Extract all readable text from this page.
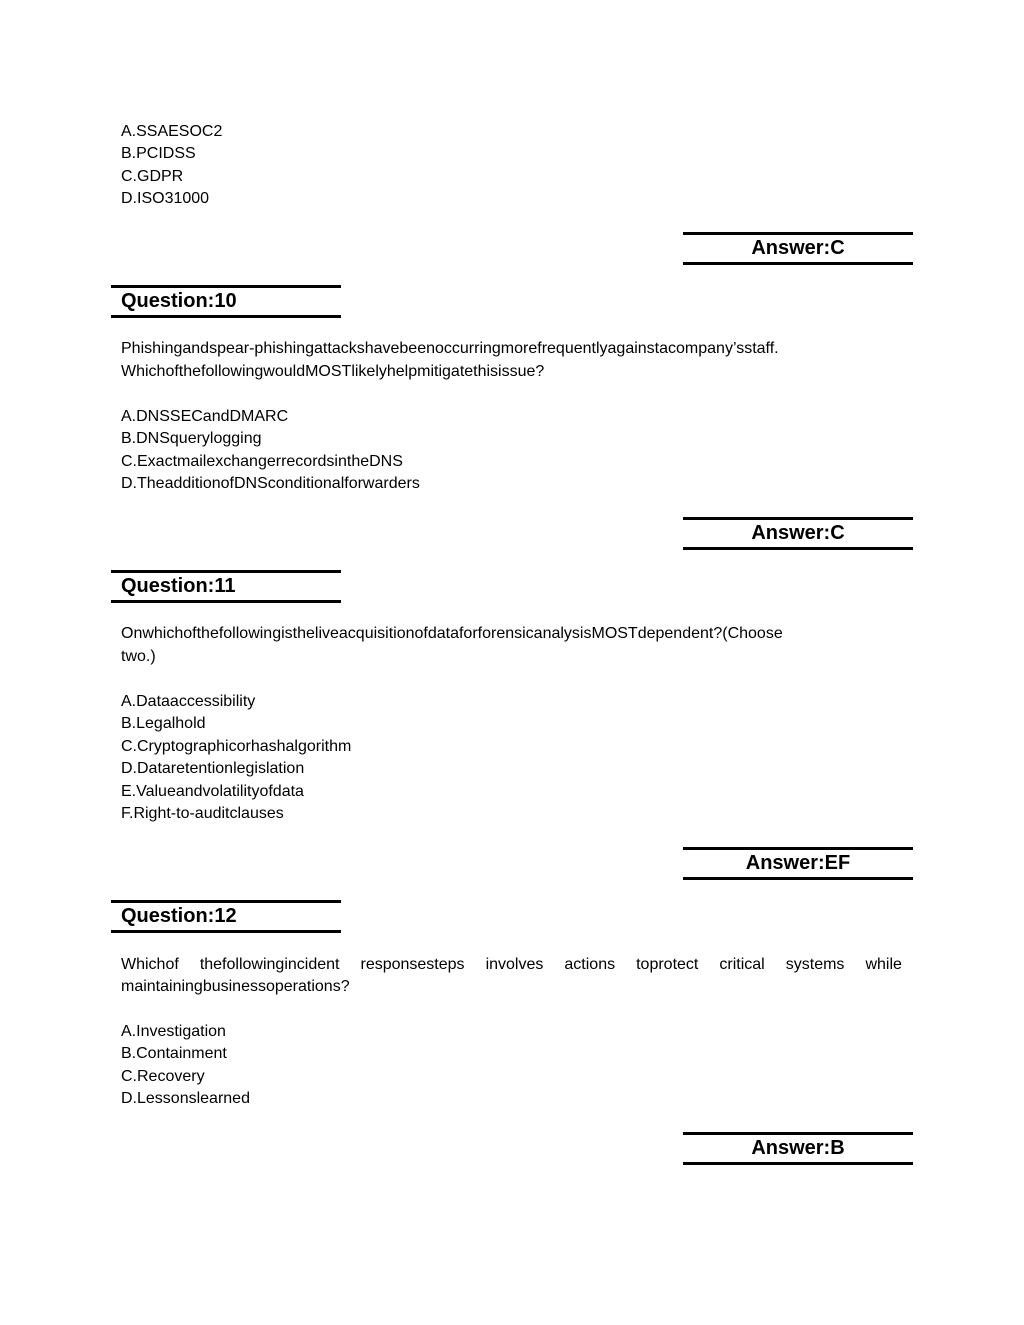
A.SSAESOC2
B.PCIDSS
C.GDPR
D.ISO31000
Answer:C
Question:10
Phishingandspear-phishingattackshavebeenoccurringmorefrequentlyagainstacompany’sstaff.
WhichofthefollowingwouldMOSTlikelyhelpmitigatethisissue?
A.DNSSECandDMARC
B.DNSquerylogging
C.ExactmailexchangerrecordsintheDNS
D.TheadditionofDNSconditionalforwarders
Answer:C
Question:11
OnwhichofthefollowingistheliveacquisitionofdataforforensicanalysisMOSTdependent?(Choose
two.)
A.Dataaccessibility
B.Legalhold
C.Cryptographicorhashalgorithm
D.Dataretentionlegislation
E.Valueandvolatilityofdata
F.Right-to-auditclauses
Answer:EF
Question:12
Whichof thefollowingincident responsesteps involves actions toprotect critical systems while
maintainingbusinessoperations?
A.Investigation
B.Containment
C.Recovery
D.Lessonslearned
Answer:B
